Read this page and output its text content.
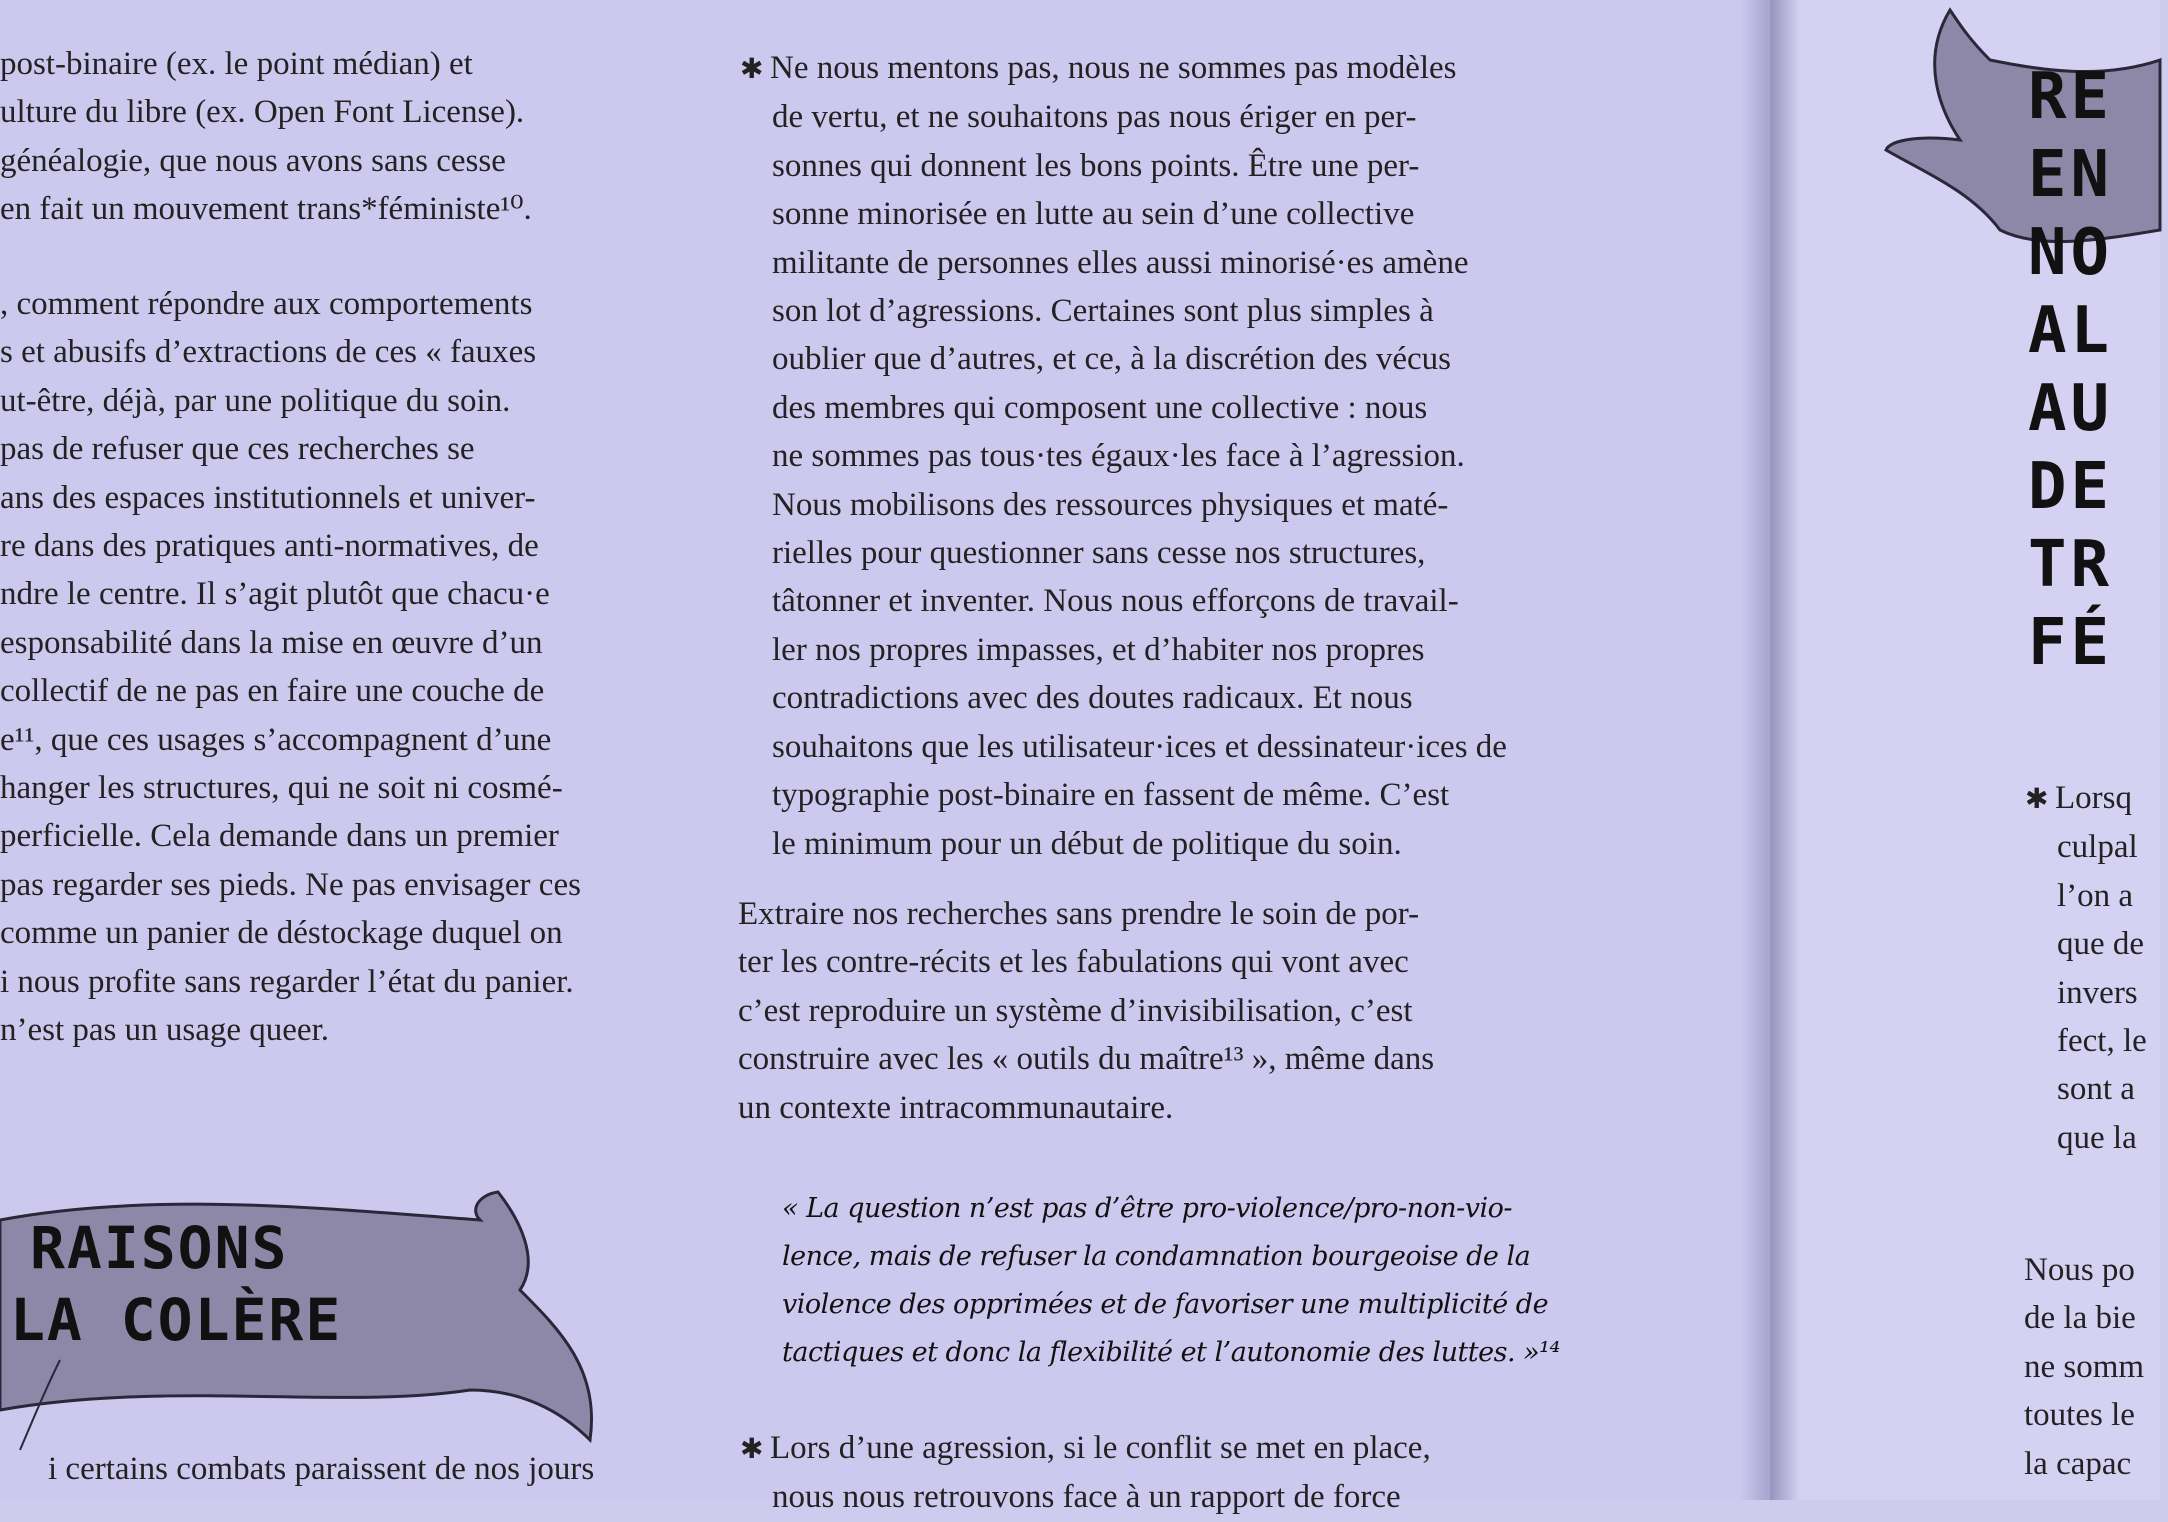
post-binaire (ex. le point médian) et
ulture du libre (ex. Open Font License).
généalogie, que nous avons sans cesse
en fait un mouvement trans*féministe¹⁰.
, comment répondre aux comportements
s et abusifs d’extractions de ces « fauxes
ut-être, déjà, par une politique du soin.
pas de refuser que ces recherches se
ans des espaces institutionnels et univer-
re dans des pratiques anti-normatives, de
ndre le centre. Il s’agit plutôt que chacu·e
esponsabilité dans la mise en œuvre d’un
collectif de ne pas en faire une couche de
e¹¹, que ces usages s’accompagnent d’une
hanger les structures, qui ne soit ni cosmé-
perficielle. Cela demande dans un premier
pas regarder ses pieds. Ne pas envisager ces
comme un panier de déstockage duquel on
i nous profite sans regarder l’état du panier.
n’est pas un usage queer.
RAISONS
LA COLÈRE
i certains combats paraissent de nos jours
✱ Ne nous mentons pas, nous ne sommes pas modèles
de vertu, et ne souhaitons pas nous ériger en per-
sonnes qui donnent les bons points. Être une per-
sonne minorisée en lutte au sein d’une collective
militante de personnes elles aussi minorisé·es amène
son lot d’agressions. Certaines sont plus simples à
oublier que d’autres, et ce, à la discrétion des vécus
des membres qui composent une collective : nous
ne sommes pas tous·tes égaux·les face à l’agression.
Nous mobilisons des ressources physiques et maté-
rielles pour questionner sans cesse nos structures,
tâtonner et inventer. Nous nous efforçons de travail-
ler nos propres impasses, et d’habiter nos propres
contradictions avec des doutes radicaux. Et nous
souhaitons que les utilisateur·ices et dessinateur·ices de
typographie post-binaire en fassent de même. C’est
le minimum pour un début de politique du soin.
Extraire nos recherches sans prendre le soin de por-
ter les contre-récits et les fabulations qui vont avec
c’est reproduire un système d’invisibilisation, c’est
construire avec les « outils du maître¹³ », même dans
un contexte intracommunautaire.
« La question n’est pas d’être pro-violence/pro-non-vio-
lence, mais de refuser la condamnation bourgeoise de la
violence des opprimées et de favoriser une multiplicité de
tactiques et donc la flexibilité et l’autonomie des luttes. »¹⁴
✱ Lors d’une agression, si le conflit se met en place,
nous nous retrouvons face à un rapport de force
RE
EN
NO
AL
AU
DE
TR
FÉ
✱ Lorsq
culpal
l’on a
que de
invers
fect, le
sont a
que la
Nous po
de la bie
ne somm
toutes le
la capac
